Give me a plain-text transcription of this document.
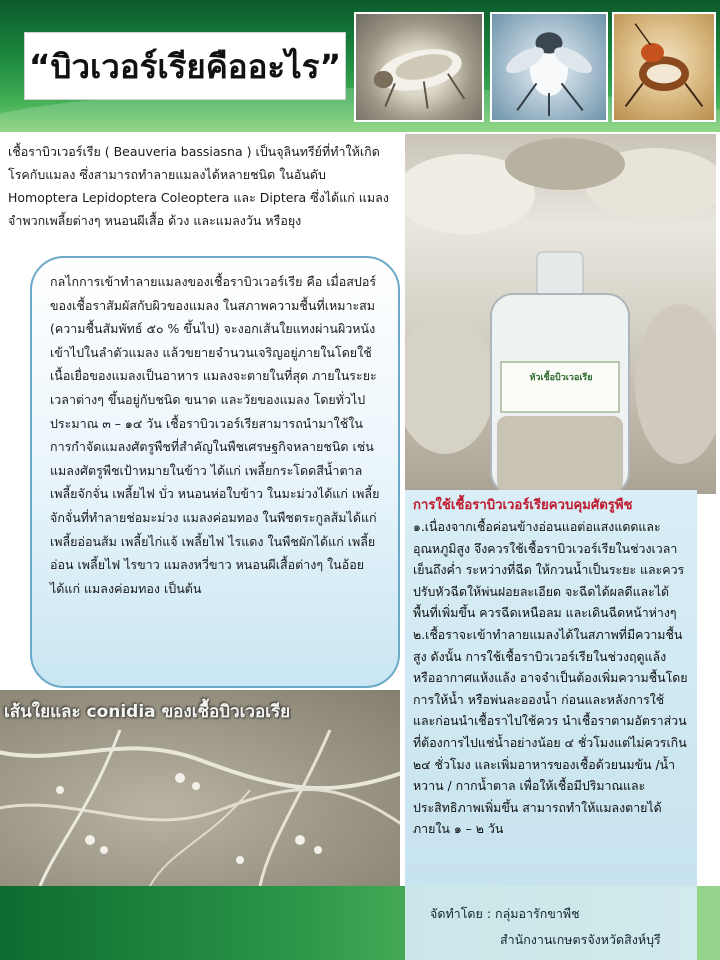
“บิวเวอร์เรียคืออะไร”

เชื้อราบิวเวอร์เรีย ( Beauveria bassiasna ) เป็นจุลินทรีย์ที่ทำให้เกิดโรคกับแมลง ซึ่งสามารถทำลายแมลงได้หลายชนิด ในอันดับ Homoptera Lepidoptera Coleoptera และ Diptera ซึ่งได้แก่ แมลงจำพวกเพลี้ยต่างๆ หนอนผีเสื้อ ด้วง และแมลงวัน หรือยุง

หัวเชื้อบิวเวอเรีย

กลไกการเข้าทำลายแมลงของเชื้อราบิวเวอร์เรีย คือ เมื่อสปอร์ของเชื้อราสัมผัสกับผิวของแมลง ในสภาพความชื้นที่เหมาะสม (ความชื้นสัมพัทธ์ ๕๐ % ขึ้นไป) จะงอกเส้นใยแทงผ่านผิวหนังเข้าไปในลำตัวแมลง แล้วขยายจำนวนเจริญอยู่ภายในโดยใช้เนื้อเยื่อของแมลงเป็นอาหาร แมลงจะตายในที่สุด ภายในระยะเวลาต่างๆ ขึ้นอยู่กับชนิด ขนาด และวัยของแมลง โดยทั่วไปประมาณ ๓ – ๑๔ วัน เชื้อราบิวเวอร์เรียสามารถนำมาใช้ในการกำจัดแมลงศัตรูพืชที่สำคัญในพืชเศรษฐกิจหลายชนิด เช่น แมลงศัตรูพืชเป้าหมายในข้าว ได้แก่ เพลี้ยกระโดดสีน้ำตาล เพลี้ยจักจั่น เพลี้ยไฟ บั่ว หนอนห่อใบข้าว ในมะม่วงได้แก่ เพลี้ยจักจั่นที่ทำลายช่อมะม่วง แมลงค่อมทอง ในพืชตระกูลส้มได้แก่ เพลี้ยอ่อนส้ม เพลี้ยไก่แจ้ เพลี้ยไฟ ไรแดง ในพืชผักได้แก่ เพลี้ยอ่อน เพลี้ยไฟ ไรขาว แมลงหวี่ขาว หนอนผีเสื้อต่างๆ ในอ้อยได้แก่ แมลงค่อมทอง เป็นต้น

เส้นใยและ conidia ของเชื้อบิวเวอเรีย
การใช้เชื้อราบิวเวอร์เรียควบคุมศัตรูพืช

๑.เนื่องจากเชื้อค่อนข้างอ่อนแอต่อแสงแดดและอุณหภูมิสูง จึงควรใช้เชื้อราบิวเวอร์เรียในช่วงเวลาเย็นถึงค่ำ ระหว่างที่ฉีด ให้กวนน้ำเป็นระยะ และควรปรับหัวฉีดให้พ่นฝอยละเอียด จะฉีดได้ผลดีและได้พื้นที่เพิ่มขึ้น ควรฉีดเหนือลม และเดินฉีดหน้าห่างๆ

๒.เชื้อราจะเข้าทำลายแมลงได้ในสภาพที่มีความชื้นสูง ดังนั้น การใช้เชื้อราบิวเวอร์เรียในช่วงฤดูแล้ง หรืออากาศแห้งแล้ง อาจจำเป็นต้องเพิ่มความชื้นโดยการให้น้ำ หรือพ่นละอองน้ำ ก่อนและหลังการใช้ และก่อนนำเชื้อราไปใช้ควร นำเชื้อราตามอัตราส่วนที่ต้องการไปแช่น้ำอย่างน้อย ๔ ชั่วโมงแต่ไม่ควรเกิน ๒๔ ชั่วโมง และเพิ่มอาหารของเชื้อด้วยนมข้น /น้ำหวาน / กากน้ำตาล เพื่อให้เชื้อมีปริมาณและประสิทธิภาพเพิ่มขึ้น สามารถทำให้แมลงตายได้ภายใน ๑ – ๒ วัน

จัดทำโดย : กลุ่มอารักขาพืช
สำนักงานเกษตรจังหวัดสิงห์บุรี
